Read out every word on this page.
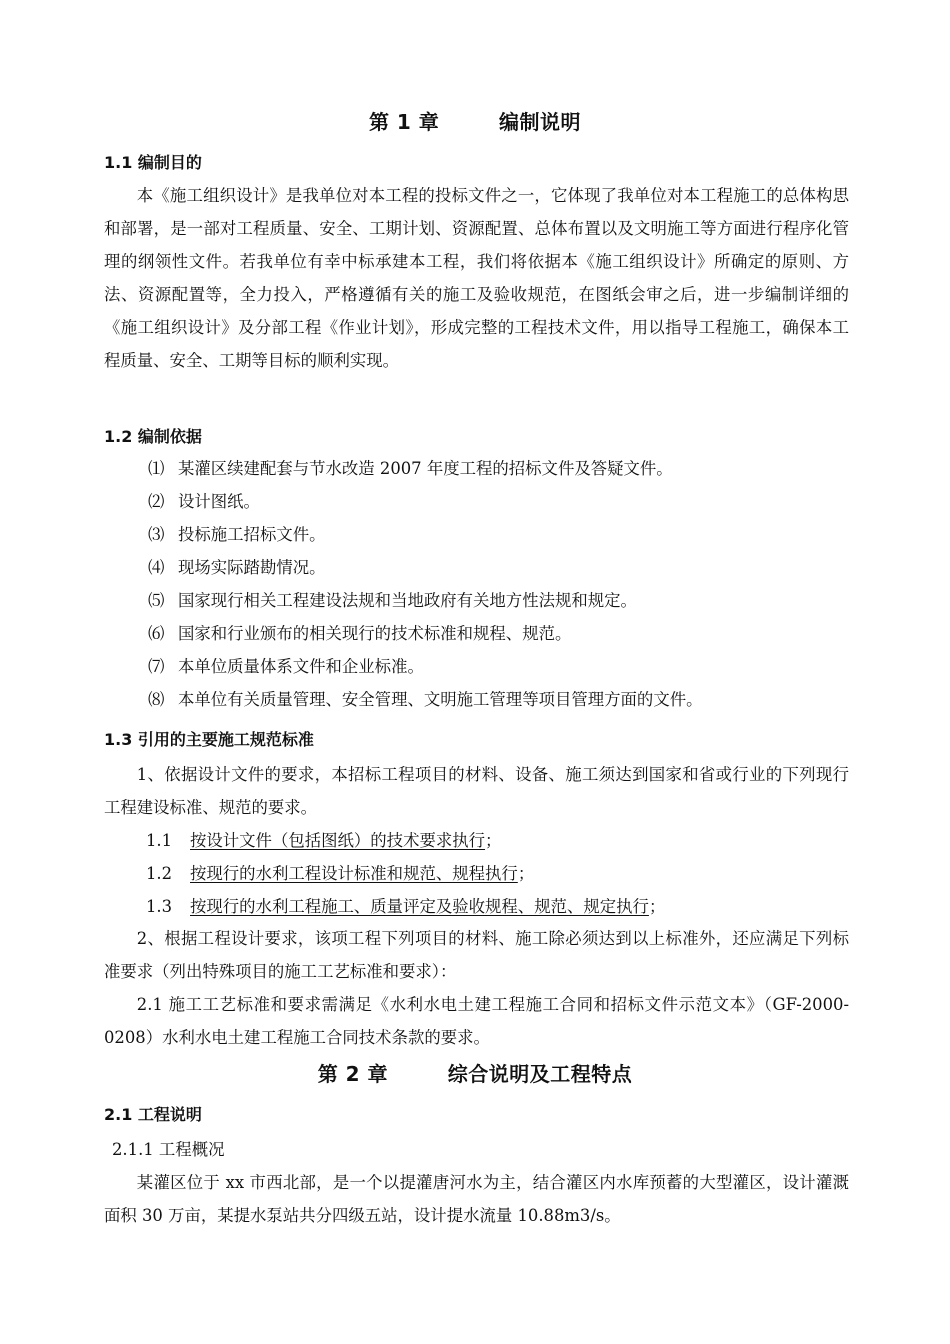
第 1 章        编制说明
1.1 编制目的
本《施工组织设计》是我单位对本工程的投标文件之一，它体现了我单位对本工程施工的总体构思和部署，是一部对工程质量、安全、工期计划、资源配置、总体布置以及文明施工等方面进行程序化管理的纲领性文件。若我单位有幸中标承建本工程，我们将依据本《施工组织设计》所确定的原则、方法、资源配置等，全力投入，严格遵循有关的施工及验收规范，在图纸会审之后，进一步编制详细的《施工组织设计》及分部工程《作业计划》，形成完整的工程技术文件，用以指导工程施工，确保本工程质量、安全、工期等目标的顺利实现。
1.2 编制依据
⑴ 某灌区续建配套与节水改造 2007 年度工程的招标文件及答疑文件。
⑵ 设计图纸。
⑶ 投标施工招标文件。
⑷ 现场实际踏勘情况。
⑸ 国家现行相关工程建设法规和当地政府有关地方性法规和规定。
⑹ 国家和行业颁布的相关现行的技术标准和规程、规范。
⑺ 本单位质量体系文件和企业标准。
⑻ 本单位有关质量管理、安全管理、文明施工管理等项目管理方面的文件。
1.3 引用的主要施工规范标准
1、依据设计文件的要求，本招标工程项目的材料、设备、施工须达到国家和省或行业的下列现行工程建设标准、规范的要求。
1.1 按设计文件（包括图纸）的技术要求执行；
1.2 按现行的水利工程设计标准和规范、规程执行；
1.3 按现行的水利工程施工、质量评定及验收规程、规范、规定执行；
2、根据工程设计要求，该项工程下列项目的材料、施工除必须达到以上标准外，还应满足下列标准要求（列出特殊项目的施工工艺标准和要求）：
2.1 施工工艺标准和要求需满足《水利水电土建工程施工合同和招标文件示范文本》（GF-2000-0208）水利水电土建工程施工合同技术条款的要求。
第 2 章        综合说明及工程特点
2.1 工程说明
2.1.1 工程概况
某灌区位于 xx 市西北部，是一个以提灌唐河水为主，结合灌区内水库预蓄的大型灌区，设计灌溉面积 30 万亩，某提水泵站共分四级五站，设计提水流量 10.88m3/s。
